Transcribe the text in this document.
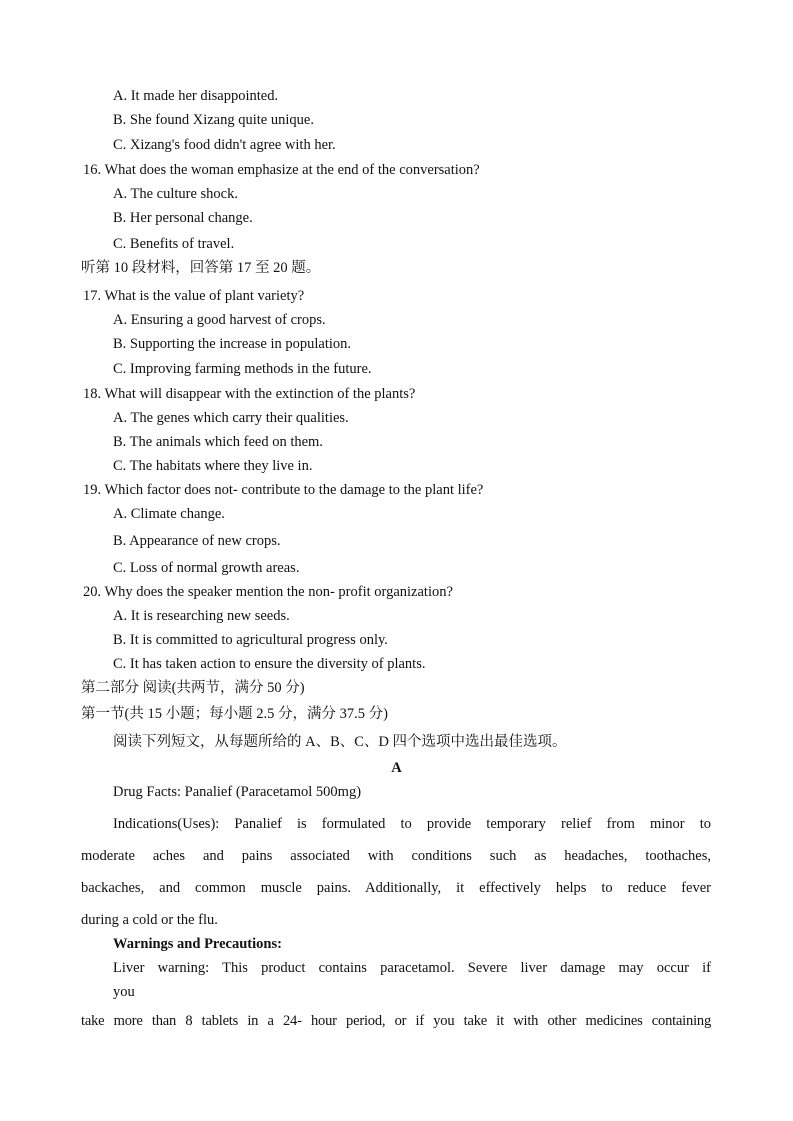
A. It made her disappointed.
B. She found Xizang quite unique.
C. Xizang's food didn't agree with her.
16. What does the woman emphasize at the end of the conversation?
A. The culture shock.
B. Her personal change.
C. Benefits of travel.
听第 10 段材料，回答第 17 至 20 题。
17. What is the value of plant variety?
A. Ensuring a good harvest of crops.
B. Supporting the increase in population.
C. Improving farming methods in the future.
18. What will disappear with the extinction of the plants?
A. The genes which carry their qualities.
B. The animals which feed on them.
C. The habitats where they live in.
19. Which factor does not- contribute to the damage to the plant life?
A. Climate change.
B. Appearance of new crops.
C. Loss of normal growth areas.
20. Why does the speaker mention the non- profit organization?
A. It is researching new seeds.
B. It is committed to agricultural progress only.
C. It has taken action to ensure the diversity of plants.
第二部分 阅读(共两节，满分 50 分)
第一节(共 15 小题；每小题 2.5 分，满分 37.5 分)
阅读下列短文，从每题所给的 A、B、C、D 四个选项中选出最佳选项。
A
Drug Facts: Panalief (Paracetamol 500mg)
Indications(Uses): Panalief is formulated to provide temporary relief from minor to
moderate aches and pains associated with conditions such as headaches, toothaches,
backaches, and common muscle pains. Additionally, it effectively helps to reduce fever
during a cold or the flu.
Warnings and Precautions:
Liver warning: This product contains paracetamol. Severe liver damage may occur if
you
take more than 8 tablets in a 24- hour period, or if you take it with other medicines containing
